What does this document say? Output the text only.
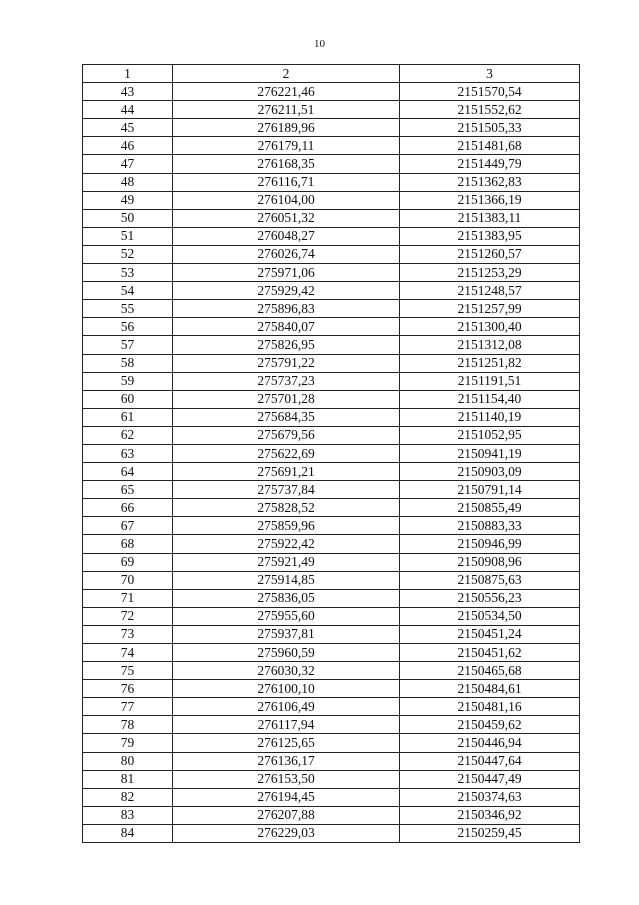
10
1	2	3
43	276221,46	2151570,54
44	276211,51	2151552,62
45	276189,96	2151505,33
46	276179,11	2151481,68
47	276168,35	2151449,79
48	276116,71	2151362,83
49	276104,00	2151366,19
50	276051,32	2151383,11
51	276048,27	2151383,95
52	276026,74	2151260,57
53	275971,06	2151253,29
54	275929,42	2151248,57
55	275896,83	2151257,99
56	275840,07	2151300,40
57	275826,95	2151312,08
58	275791,22	2151251,82
59	275737,23	2151191,51
60	275701,28	2151154,40
61	275684,35	2151140,19
62	275679,56	2151052,95
63	275622,69	2150941,19
64	275691,21	2150903,09
65	275737,84	2150791,14
66	275828,52	2150855,49
67	275859,96	2150883,33
68	275922,42	2150946,99
69	275921,49	2150908,96
70	275914,85	2150875,63
71	275836,05	2150556,23
72	275955,60	2150534,50
73	275937,81	2150451,24
74	275960,59	2150451,62
75	276030,32	2150465,68
76	276100,10	2150484,61
77	276106,49	2150481,16
78	276117,94	2150459,62
79	276125,65	2150446,94
80	276136,17	2150447,64
81	276153,50	2150447,49
82	276194,45	2150374,63
83	276207,88	2150346,92
84	276229,03	2150259,45
